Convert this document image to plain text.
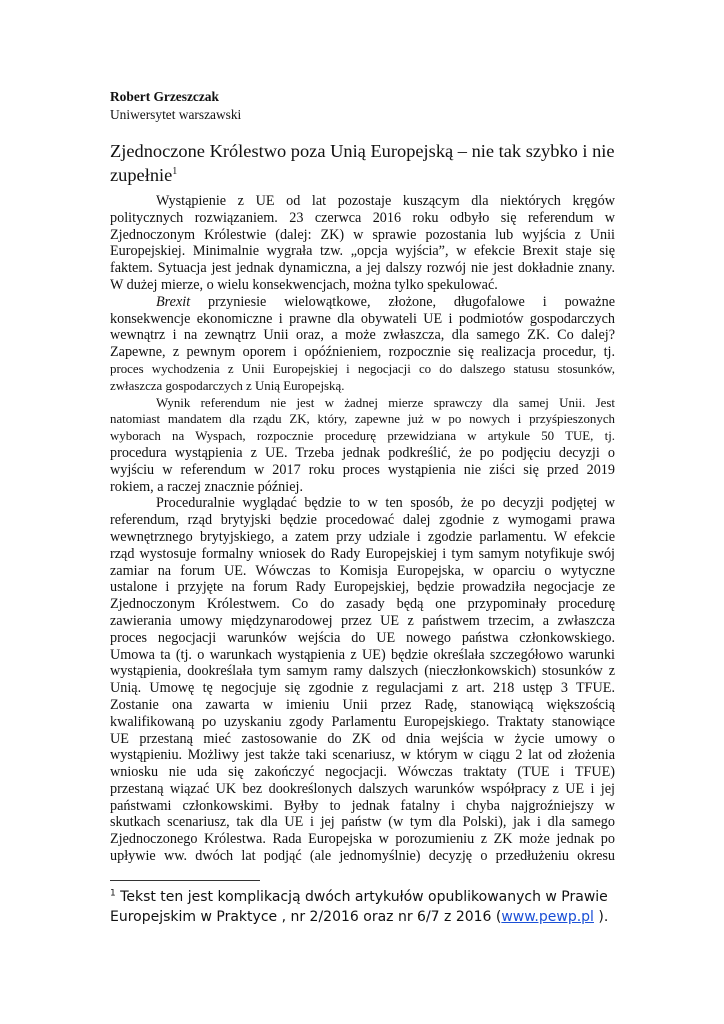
Robert Grzeszczak
Uniwersytet warszawski
Zjednoczone Królestwo poza Unią Europejską – nie tak szybko i nie
zupełnie$^1$
Wystąpienie z UE od lat pozostaje kuszącym dla niektórych kręgów
politycznych rozwiązaniem. 23 czerwca 2016 roku odbyło się referendum w
Zjednoczonym Królestwie (dalej: ZK) w sprawie pozostania lub wyjścia z Unii
Europejskiej. Minimalnie wygrała tzw. „opcja wyjścia”, w efekcie Brexit staje się
faktem. Sytuacja jest jednak dynamiczna, a jej dalszy rozwój nie jest dokładnie znany.
W dużej mierze, o wielu konsekwencjach, można tylko spekulować.
Brexit przyniesie wielowątkowe, złożone, długofalowe i poważne
konsekwencje ekonomiczne i prawne dla obywateli UE i podmiotów gospodarczych
wewnątrz i na zewnątrz Unii oraz, a może zwłaszcza, dla samego ZK. Co dalej?
Zapewne, z pewnym oporem i opóźnieniem, rozpocznie się realizacja procedur, tj.
proces wychodzenia z Unii Europejskiej i negocjacji co do dalszego statusu stosunków,
zwłaszcza gospodarczych z Unią Europejską.
Wynik referendum nie jest w żadnej mierze sprawczy dla samej Unii. Jest
natomiast mandatem dla rządu ZK, który, zapewne już w po nowych i przyśpieszonych
wyborach na Wyspach, rozpocznie procedurę przewidziana w artykule 50 TUE, tj.
procedura wystąpienia z UE. Trzeba jednak podkreślić, że po podjęciu decyzji o
wyjściu w referendum w 2017 roku proces wystąpienia nie ziści się przed 2019
rokiem, a raczej znacznie później.
Proceduralnie wyglądać będzie to w ten sposób, że po decyzji podjętej w
referendum, rząd brytyjski będzie procedować dalej zgodnie z wymogami prawa
wewnętrznego brytyjskiego, a zatem przy udziale i zgodzie parlamentu. W efekcie
rząd wystosuje formalny wniosek do Rady Europejskiej i tym samym notyfikuje swój
zamiar na forum UE. Wówczas to Komisja Europejska, w oparciu o wytyczne
ustalone i przyjęte na forum Rady Europejskiej, będzie prowadziła negocjacje ze
Zjednoczonym Królestwem. Co do zasady będą one przypominały procedurę
zawierania umowy międzynarodowej przez UE z państwem trzecim, a zwłaszcza
proces negocjacji warunków wejścia do UE nowego państwa członkowskiego.
Umowa ta (tj. o warunkach wystąpienia z UE) będzie określała szczegółowo warunki
wystąpienia, dookreślała tym samym ramy dalszych (nieczłonkowskich) stosunków z
Unią. Umowę tę negocjuje się zgodnie z regulacjami z art. 218 ustęp 3 TFUE.
Zostanie ona zawarta w imieniu Unii przez Radę, stanowiącą większością
kwalifikowaną po uzyskaniu zgody Parlamentu Europejskiego. Traktaty stanowiące
UE przestaną mieć zastosowanie do ZK od dnia wejścia w życie umowy o
wystąpieniu. Możliwy jest także taki scenariusz, w którym w ciągu 2 lat od złożenia
wniosku nie uda się zakończyć negocjacji. Wówczas traktaty (TUE i TFUE)
przestaną wiązać UK bez dookreślonych dalszych warunków współpracy z UE i jej
państwami członkowskimi. Byłby to jednak fatalny i chyba najgroźniejszy w
skutkach scenariusz, tak dla UE i jej państw (w tym dla Polski), jak i dla samego
Zjednoczonego Królestwa. Rada Europejska w porozumieniu z ZK może jednak po
upływie ww. dwóch lat podjąć (ale jednomyślnie) decyzję o przedłużeniu okresu
$^1$ Tekst ten jest komplikacją dwóch artykułów opublikowanych w Prawie
Europejskim w Praktyce , nr 2/2016 oraz nr 6/7 z 2016 (www.pewp.pl ).
